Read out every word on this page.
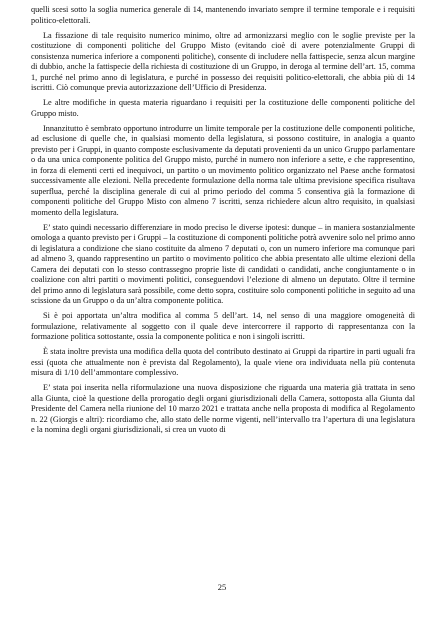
quelli scesi sotto la soglia numerica generale di 14, mantenendo invariato sempre il termine temporale e i requisiti politico-elettorali.

La fissazione di tale requisito numerico minimo, oltre ad armonizzarsi meglio con le soglie previste per la costituzione di componenti politiche del Gruppo Misto (evitando cioè di avere potenzialmente Gruppi di consistenza numerica inferiore a componenti politiche), consente di includere nella fattispecie, senza alcun margine di dubbio, anche la fattispecie della richiesta di costituzione di un Gruppo, in deroga al termine dell’art. 15, comma 1, purché nel primo anno di legislatura, e purché in possesso dei requisiti politico-elettorali, che abbia più di 14 iscritti. Ciò comunque previa autorizzazione dell’Ufficio di Presidenza.

Le altre modifiche in questa materia riguardano i requisiti per la costituzione delle componenti politiche del Gruppo misto.

Innanzitutto è sembrato opportuno introdurre un limite temporale per la costituzione delle componenti politiche, ad esclusione di quelle che, in qualsiasi momento della legislatura, si possono costituire, in analogia a quanto previsto per i Gruppi, in quanto composte esclusivamente da deputati provenienti da un unico Gruppo parlamentare o da una unica componente politica del Gruppo misto, purché in numero non inferiore a sette, e che rappresentino, in forza di elementi certi ed inequivoci, un partito o un movimento politico organizzato nel Paese anche formatosi successivamente alle elezioni. Nella precedente formulazione della norma tale ultima previsione specifica risultava superflua, perché la disciplina generale di cui al primo periodo del comma 5 consentiva già la formazione di componenti politiche del Gruppo Misto con almeno 7 iscritti, senza richiedere alcun altro requisito, in qualsiasi momento della legislatura.

E’ stato quindi necessario differenziare in modo preciso le diverse ipotesi: dunque – in maniera sostanzialmente omologa a quanto previsto per i Gruppi – la costituzione di componenti politiche potrà avvenire solo nel primo anno di legislatura a condizione che siano costituite da almeno 7 deputati o, con un numero inferiore ma comunque pari ad almeno 3, quando rappresentino un partito o movimento politico che abbia presentato alle ultime elezioni della Camera dei deputati con lo stesso contrassegno proprie liste di candidati o candidati, anche congiuntamente o in coalizione con altri partiti o movimenti politici, conseguendovi l’elezione di almeno un deputato. Oltre il termine del primo anno di legislatura sarà possibile, come detto sopra, costituire solo componenti politiche in seguito ad una scissione da un Gruppo o da un’altra componente politica.

Si è poi apportata un’altra modifica al comma 5 dell’art. 14, nel senso di una maggiore omogeneità di formulazione, relativamente al soggetto con il quale deve intercorrere il rapporto di rappresentanza con la formazione politica sottostante, ossia la componente politica e non i singoli iscritti.

È stata inoltre prevista una modifica della quota del contributo destinato ai Gruppi da ripartire in parti uguali fra essi (quota che attualmente non è prevista dal Regolamento), la quale viene ora individuata nella più contenuta misura di 1/10 dell’ammontare complessivo.

E’ stata poi inserita nella riformulazione una nuova disposizione che riguarda una materia già trattata in seno alla Giunta, cioè la questione della prorogatio degli organi giurisdizionali della Camera, sottoposta alla Giunta dal Presidente del Camera nella riunione del 10 marzo 2021 e trattata anche nella proposta di modifica al Regolamento n. 22 (Giorgis e altri): ricordiamo che, allo stato delle norme vigenti, nell’intervallo tra l’apertura di una legislatura e la nomina degli organi giurisdizionali, si crea un vuoto di

25
